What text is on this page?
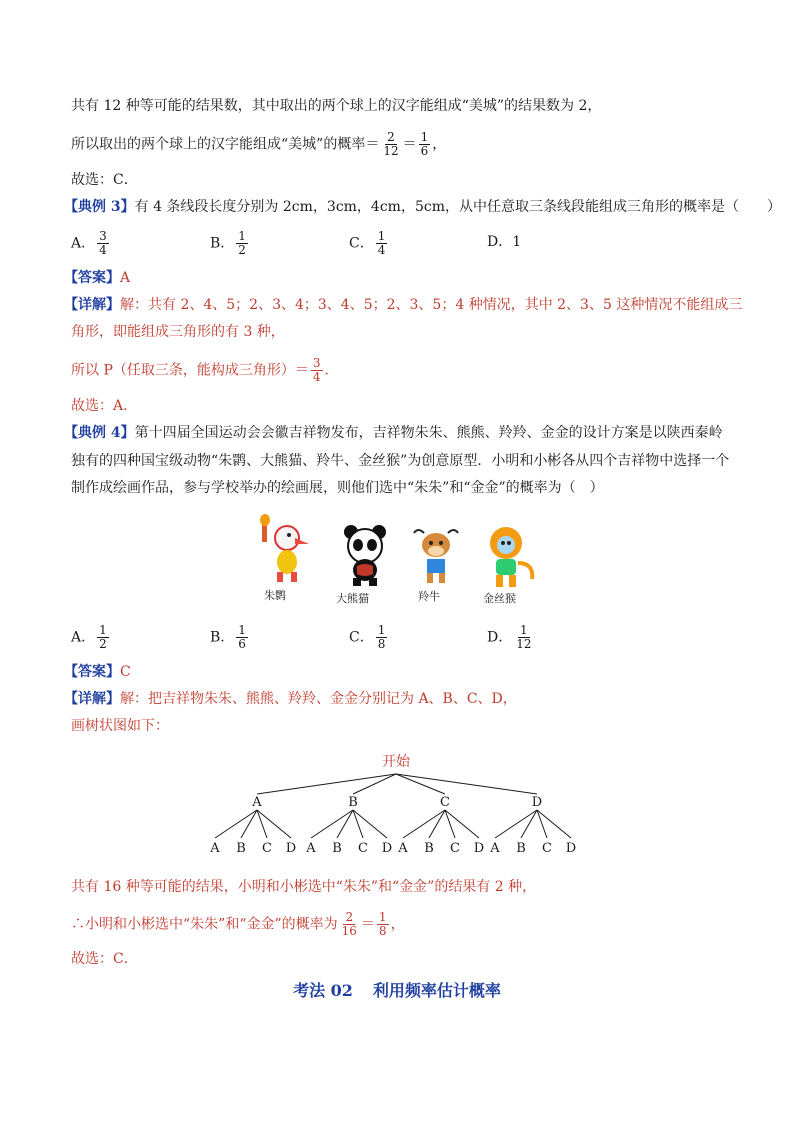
共有 12 种等可能的结果数，其中取出的两个球上的汉字能组成“美城”的结果数为 2，
所以取出的两个球上的汉字能组成“美城”的概率＝ $\frac{2}{12} = \frac{1}{6}$ ，
故选：C．
【典例 3】有 4 条线段长度分别为 2cm，3cm，4cm，5cm，从中任意取三条线段能组成三角形的概率是（　　）
A． $\frac{3}{4}$	B． $\frac{1}{2}$	C． $\frac{1}{4}$	D．1
【答案】A
【详解】解：共有 2、4、5；2、3、4；3、4、5；2、3、5；4 种情况，其中 2、3、5 这种情况不能组成三
角形，即能组成三角形的有 3 种，
所以 P（任取三条，能构成三角形）＝ $\frac{3}{4}$ ．
故选：A．
【典例 4】第十四届全国运动会会徽吉祥物发布，吉祥物朱朱、熊熊、羚羚、金金的设计方案是以陕西秦岭
独有的四种国宝级动物“朱鹮、大熊猫、羚牛、金丝猴”为创意原型．小明和小彬各从四个吉祥物中选择一个
制作成绘画作品，参与学校举办的绘画展，则他们选中“朱朱”和“金金”的概率为（　）
朱鹮	大熊猫	羚牛	金丝猴
A． $\frac{1}{2}$	B． $\frac{1}{6}$	C． $\frac{1}{8}$	D． $\frac{1}{12}$
【答案】C
【详解】解：把吉祥物朱朱、熊熊、羚羚、金金分别记为 A、B、C、D，
画树状图如下：
开始
A
A B C D
B
A B C D
C
A B C D
D
A B C D
共有 16 种等可能的结果，小明和小彬选中“朱朱”和“金金”的结果有 2 种，
∴小明和小彬选中“朱朱”和“金金”的概率为 $\frac{2}{16} = \frac{1}{8}$ ，
故选：C．
考法 02 利用频率估计概率
